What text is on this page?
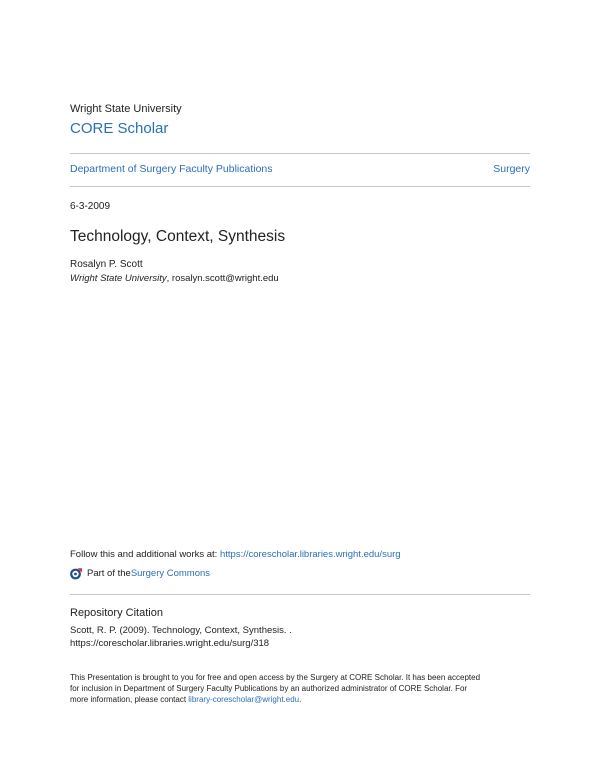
Wright State University
CORE Scholar
Department of Surgery Faculty Publications	Surgery
6-3-2009
Technology, Context, Synthesis
Rosalyn P. Scott
Wright State University, rosalyn.scott@wright.edu
Follow this and additional works at: https://corescholar.libraries.wright.edu/surg
Part of the Surgery Commons
Repository Citation
Scott, R. P. (2009). Technology, Context, Synthesis. .
https://corescholar.libraries.wright.edu/surg/318
This Presentation is brought to you for free and open access by the Surgery at CORE Scholar. It has been accepted
for inclusion in Department of Surgery Faculty Publications by an authorized administrator of CORE Scholar. For
more information, please contact library-corescholar@wright.edu.
